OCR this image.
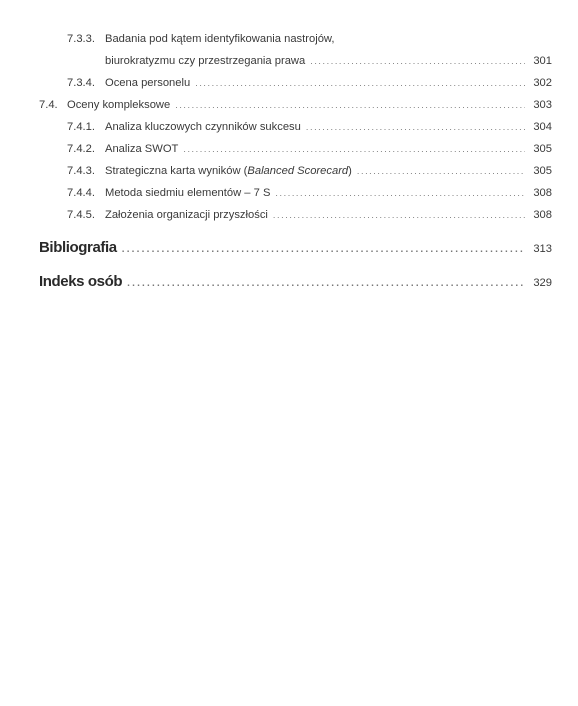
7.3.3. Badania pod kątem identyfikowania nastrojów,
biurokratyzmu czy przestrzegania prawa .....	301
7.3.4. Ocena personelu .....	302
7.4. Oceny kompleksowe .....	303
7.4.1. Analiza kluczowych czynników sukcesu .....	304
7.4.2. Analiza SWOT .....	305
7.4.3. Strategiczna karta wyników (Balanced Scorecard) .....	305
7.4.4. Metoda siedmiu elementów – 7 S .....	308
7.4.5. Założenia organizacji przyszłości .....	308
Bibliografia .....	313
Indeks osób .....	329
